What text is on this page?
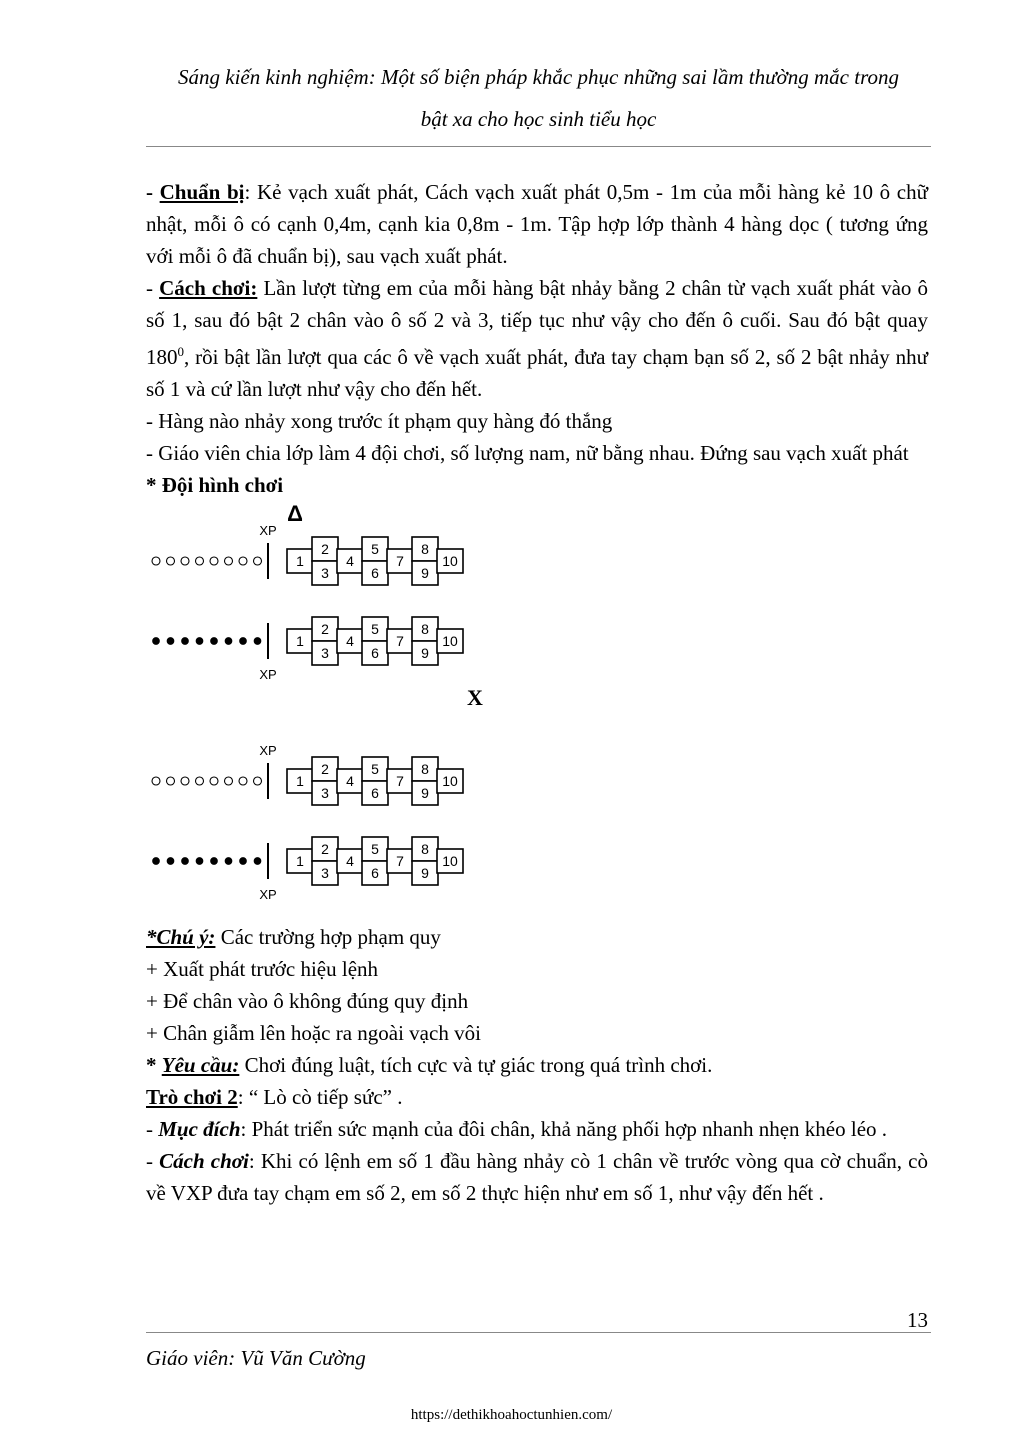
Sáng kiến kinh nghiệm: Một số biện pháp khắc phục những sai lầm thường mắc trong
bật xa cho học sinh tiểu học

- Chuẩn bị: Kẻ vạch xuất phát, Cách vạch xuất phát 0,5m - 1m của mỗi hàng kẻ 10 ô chữ nhật, mỗi ô có cạnh 0,4m, cạnh kia 0,8m - 1m. Tập hợp lớp thành 4 hàng dọc ( tương ứng với mỗi ô đã chuẩn bị), sau vạch xuất phát.

- Cách chơi: Lần lượt từng em của mỗi hàng bật nhảy bằng 2 chân từ vạch xuất phát vào ô số 1, sau đó bật 2 chân vào ô số 2 và 3, tiếp tục như vậy cho đến ô cuối. Sau đó bật quay $180^0$, rồi bật lần lượt qua các ô về vạch xuất phát, đưa tay chạm bạn số 2, số 2 bật nhảy như số 1 và cứ lần lượt như vậy cho đến hết.

- Hàng nào nhảy xong trước ít phạm quy hàng đó thắng

- Giáo viên chia lớp làm 4 đội chơi, số lượng nam, nữ bằng nhau. Đứng sau vạch xuất phát

* Đội hình chơi

Δ
X
XP
1
2
3
4
5
6
7
8
9
10
XP
1
2
3
4
5
6
7
8
9
10
XP
1
2
3
4
5
6
7
8
9
10
XP
1
2
3
4
5
6
7
8
9
10

*Chú ý: Các trường hợp phạm quy

+ Xuất phát trước hiệu lệnh

+ Để chân vào ô không đúng quy định

+ Chân giẫm lên hoặc ra ngoài vạch vôi

* Yêu cầu: Chơi đúng luật, tích cực và tự giác trong quá trình chơi.

Trò chơi 2: “ Lò cò tiếp sức” .

- Mục đích: Phát triển sức mạnh của đôi chân, khả năng phối hợp nhanh nhẹn khéo léo .

- Cách chơi: Khi có lệnh em số 1 đầu hàng nhảy cò 1 chân về trước vòng qua cờ chuẩn, cò về VXP đưa tay chạm em số 2, em số 2 thực hiện như em số 1, như vậy đến hết .

13
Giáo viên: Vũ Văn Cường
https://dethikhoahoctunhien.com/
